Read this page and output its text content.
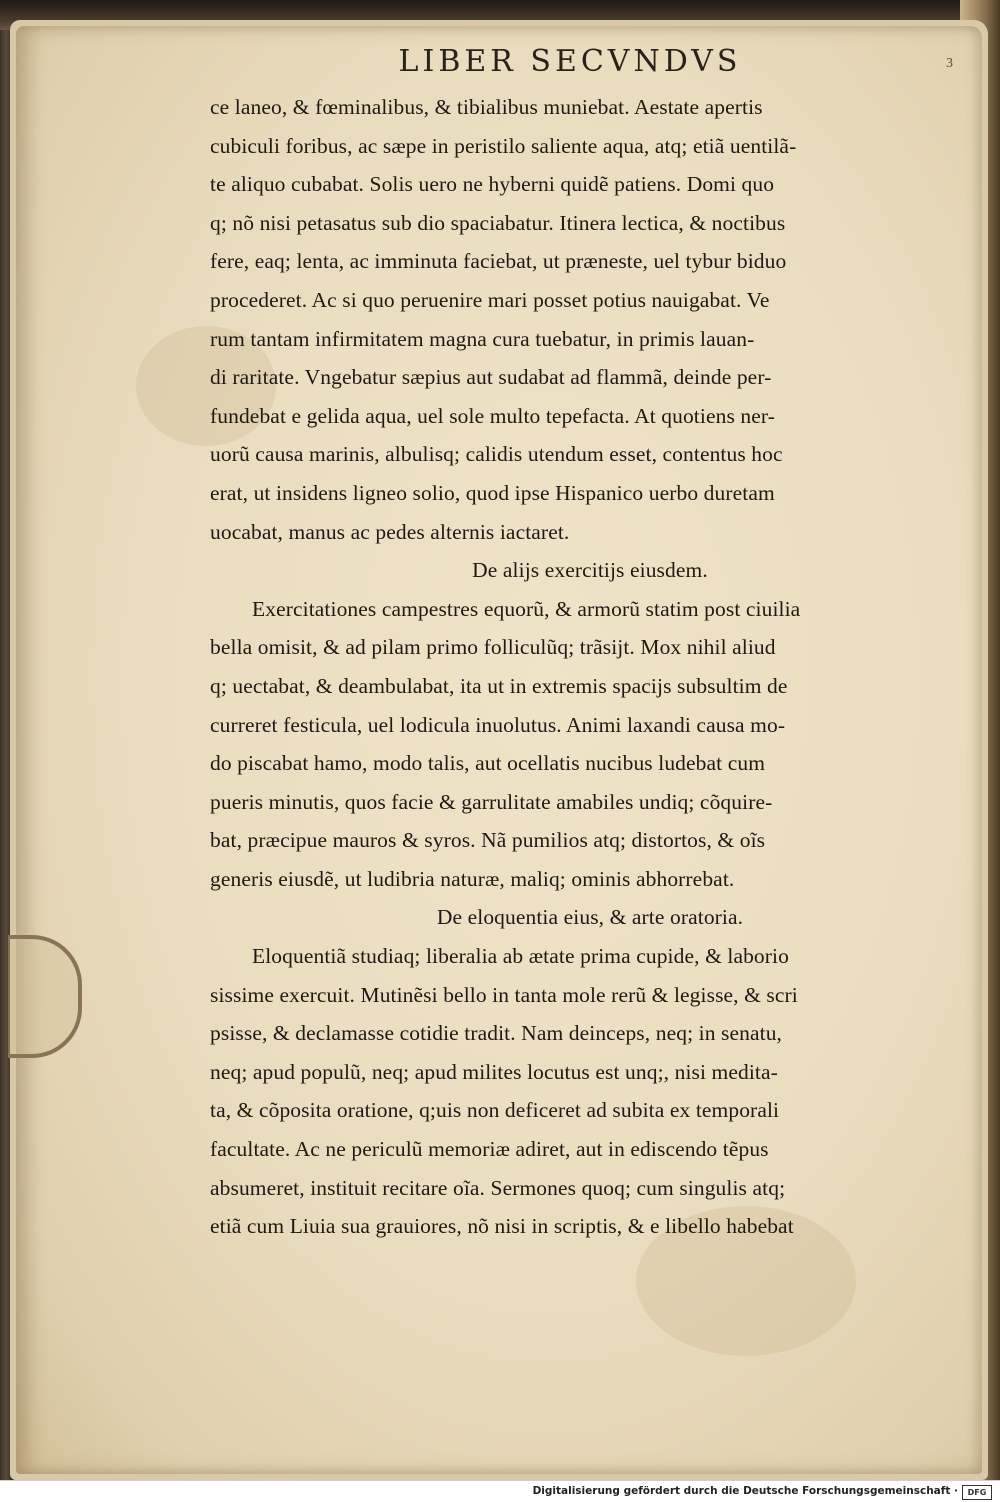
LIBER SECVNDVS	3
ce laneo, & fœminalibus, & tibialibus muniebat. Aestate apertis
cubiculi foribus, ac sæpe in peristilo saliente aqua, atq; etiã uentilã-
te aliquo cubabat. Solis uero ne hyberni quidẽ patiens. Domi quo
q; nõ nisi petasatus sub dio spaciabatur. Itinera lectica, & noctibus
fere, eaq; lenta, ac imminuta faciebat, ut prænestе, uel tybur biduo
procederet. Ac si quo peruenire mari posset potius nauigabat. Ve
rum tantam infirmitatem magna cura tuebatur, in primis lauan-
di raritate. Vngebatur sæpius aut sudabat ad flammã, deinde per-
fundebat e gelida aqua, uel sole multo tepefacta. At quotiens ner-
uorũ causa marinis, albulisq; calidis utendum esset, contentus hoc
erat, ut insidens ligneo solio, quod ipse Hispanico uerbo duretam
uocabat, manus ac pedes alternis iactaret.
De alijs exercitijs eiusdem.
Exercitationes campestres equorũ, & armorũ statim post ciuilia
bella omisit, & ad pilam primo folliculũq; trãsijt. Mox nihil aliud
q; uectabat, & deambulabat, ita ut in extremis spacijs subsultim de
curreret festicula, uel lodicula inuolutus. Animi laxandi causa mo-
do piscabat hamo, modo talis, aut ocellatis nucibus ludebat cum
pueris minutis, quos facie & garrulitate amabiles undiq; cõquire-
bat, præcipue mauros & syros. Nã pumilios atq; distortos, & oĩs
generis eiusdẽ, ut ludibria naturæ, maliq; ominis abhorrebat.
De eloquentia eius, & arte oratoria.
Eloquentiã studiaq; liberalia ab ætate prima cupide, & laborio
sissime exercuit. Mutinẽsi bello in tanta mole rerũ & legisse, & scri
psisse, & declamasse cotidie tradit. Nam deinceps, neq; in senatu,
neq; apud populũ, neq; apud milites locutus est unq;, nisi medita-
ta, & cõposita oratione, q;uis non deficeret ad subita ex temporali
facultate. Ac ne periculũ memoriæ adiret, aut in ediscendo tẽpus
absumeret, instituit recitare oĩa. Sermones quoq; cum singulis atq;
etiã cum Liuia sua grauiores, nõ nisi in scriptis, & e libello habebat
Digitalisierung gefördert durch die Deutsche Forschungsgemeinschaft ·	DFG
